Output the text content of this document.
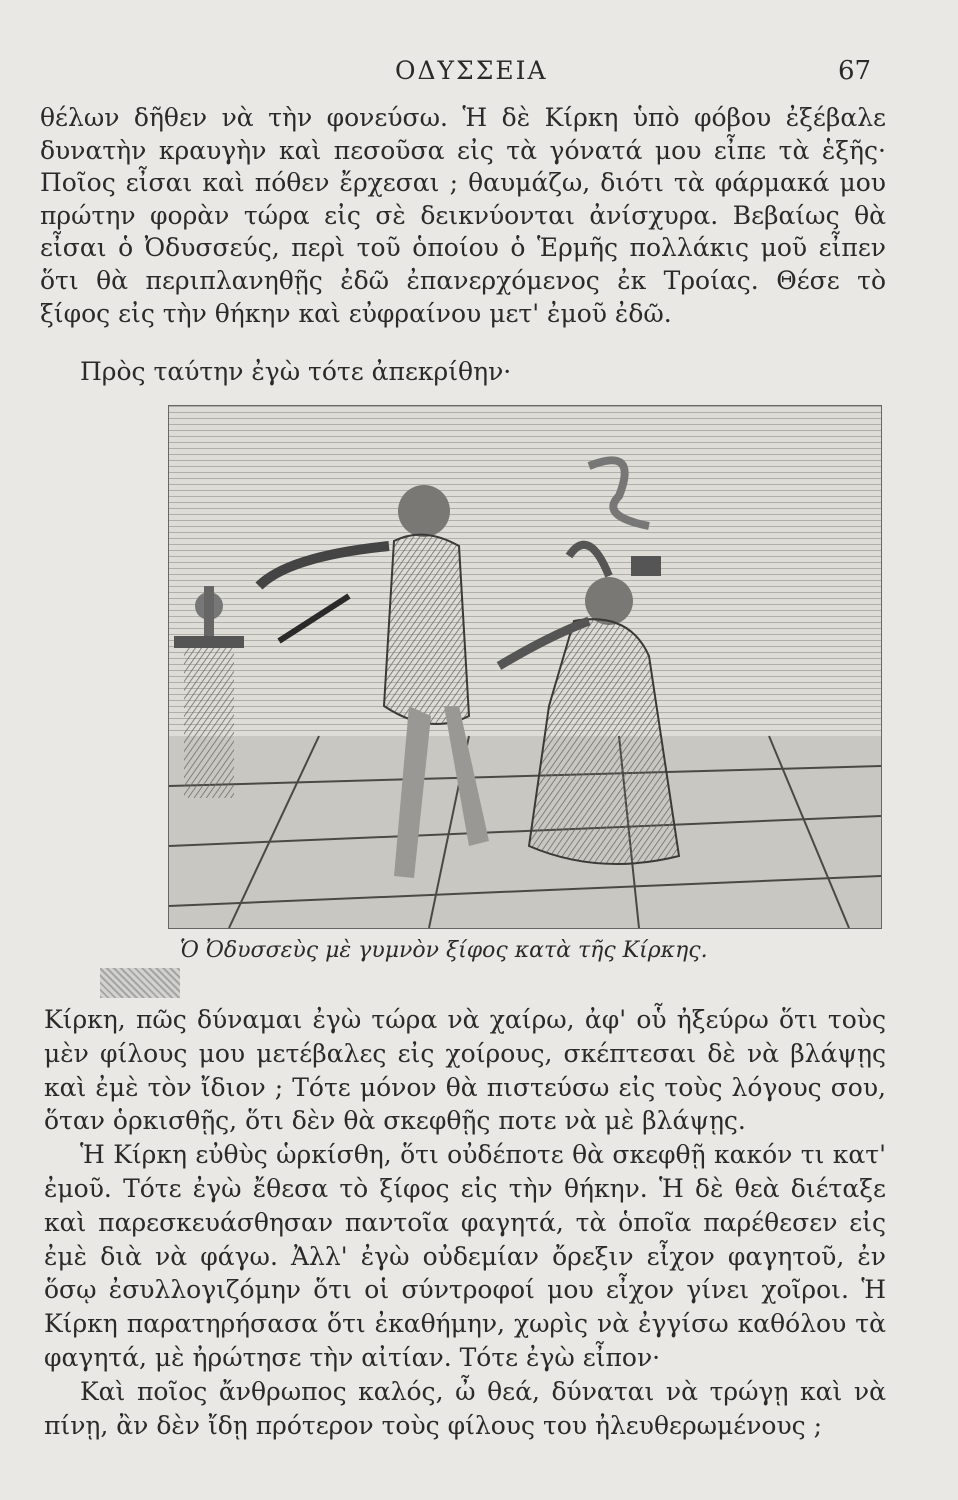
ΟΔΥΣΣΕΙΑ	67

θέλων δῆθεν νὰ τὴν φονεύσω. Ἡ δὲ Κίρκη ὑπὸ φόβου ἐξέβαλε δυνατὴν κραυγὴν καὶ πεσοῦσα εἰς τὰ γόνατά μου εἶπε τὰ ἑξῆς· Ποῖος εἶσαι καὶ πόθεν ἔρχεσαι ; θαυμάζω, διότι τὰ φάρμακά μου πρώτην φορὰν τώρα εἰς σὲ δεικνύονται ἀνίσχυρα. Βεβαίως θὰ εἶσαι ὁ Ὀδυσσεύς, περὶ τοῦ ὁποίου ὁ Ἑρμῆς πολλάκις μοῦ εἶπεν ὅτι θὰ περιπλανηθῇς ἐδῶ ἐπανερχόμενος ἐκ Τροίας. Θέσε τὸ ξίφος εἰς τὴν θήκην καὶ εὐφραίνου μετ' ἐμοῦ ἐδῶ.

Πρὸς ταύτην ἐγὼ τότε ἀπεκρίθην·

Ὁ Ὀδυσσεὺς μὲ γυμνὸν ξίφος κατὰ τῆς Κίρκης.

Κίρκη, πῶς δύναμαι ἐγὼ τώρα νὰ χαίρω, ἀφ' οὗ ἠξεύρω ὅτι τοὺς μὲν φίλους μου μετέβαλες εἰς χοίρους, σκέπτεσαι δὲ νὰ βλάψῃς καὶ ἐμὲ τὸν ἴδιον ; Τότε μόνον θὰ πιστεύσω εἰς τοὺς λόγους σου, ὅταν ὁρκισθῇς, ὅτι δὲν θὰ σκεφθῇς ποτε νὰ μὲ βλάψῃς.

Ἡ Κίρκη εὐθὺς ὡρκίσθη, ὅτι οὐδέποτε θὰ σκεφθῇ κακόν τι κατ' ἐμοῦ. Τότε ἐγὼ ἔθεσα τὸ ξίφος εἰς τὴν θήκην. Ἡ δὲ θεὰ διέταξε καὶ παρεσκευάσθησαν παντοῖα φαγητά, τὰ ὁποῖα παρέθεσεν εἰς ἐμὲ διὰ νὰ φάγω. Ἀλλ' ἐγὼ οὐδεμίαν ὄρεξιν εἶχον φαγητοῦ, ἐν ὅσῳ ἐσυλλογιζόμην ὅτι οἱ σύντροφοί μου εἶχον γίνει χοῖροι. Ἡ Κίρκη παρατηρήσασα ὅτι ἐκαθήμην, χωρὶς νὰ ἐγγίσω καθόλου τὰ φαγητά, μὲ ἠρώτησε τὴν αἰτίαν. Τότε ἐγὼ εἶπον·

Καὶ ποῖος ἄνθρωπος καλός, ὦ θεά, δύναται νὰ τρώγῃ καὶ νὰ πίνῃ, ἂν δὲν ἴδῃ πρότερον τοὺς φίλους του ἠλευθερωμένους ;
